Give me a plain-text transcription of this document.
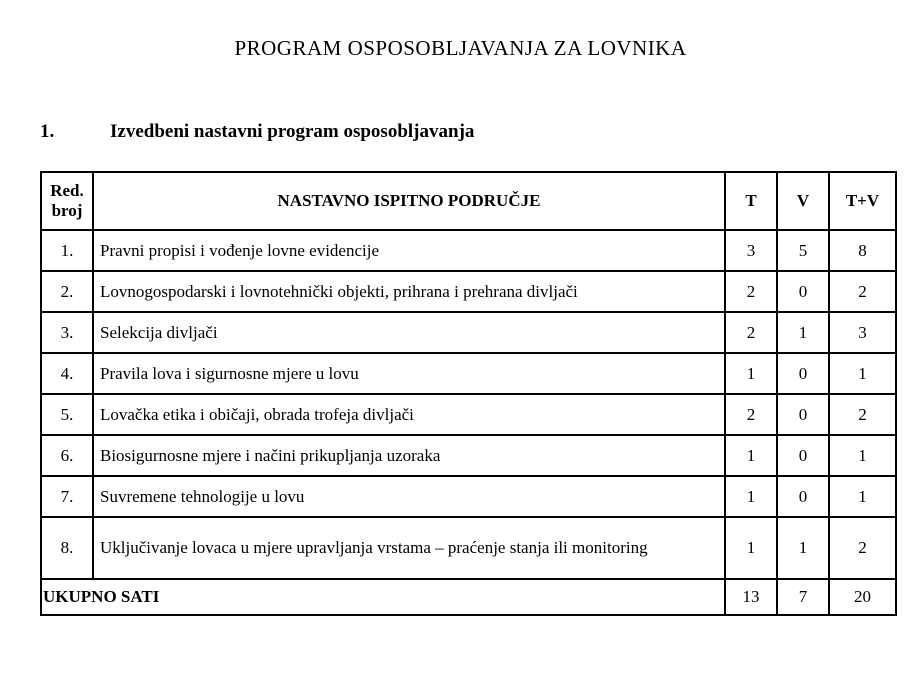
PROGRAM OSPOSOBLJAVANJA ZA LOVNIKA
1.	Izvedbeni nastavni program osposobljavanja
Red. broj	NASTAVNO ISPITNO PODRUČJE	T	V	T+V
1.	Pravni propisi i vođenje lovne evidencije	3	5	8
2.	Lovnogospodarski i lovnotehnički objekti, prihrana i prehrana divljači	2	0	2
3.	Selekcija divljači	2	1	3
4.	Pravila lova i sigurnosne mjere u lovu	1	0	1
5.	Lovačka etika i običaji, obrada trofeja divljači	2	0	2
6.	Biosigurnosne mjere i načini prikupljanja uzoraka	1	0	1
7.	Suvremene tehnologije u lovu	1	0	1
8.	Uključivanje lovaca u mjere upravljanja vrstama – praćenje stanja ili monitoring	1	1	2
UKUPNO SATI		13	7	20
